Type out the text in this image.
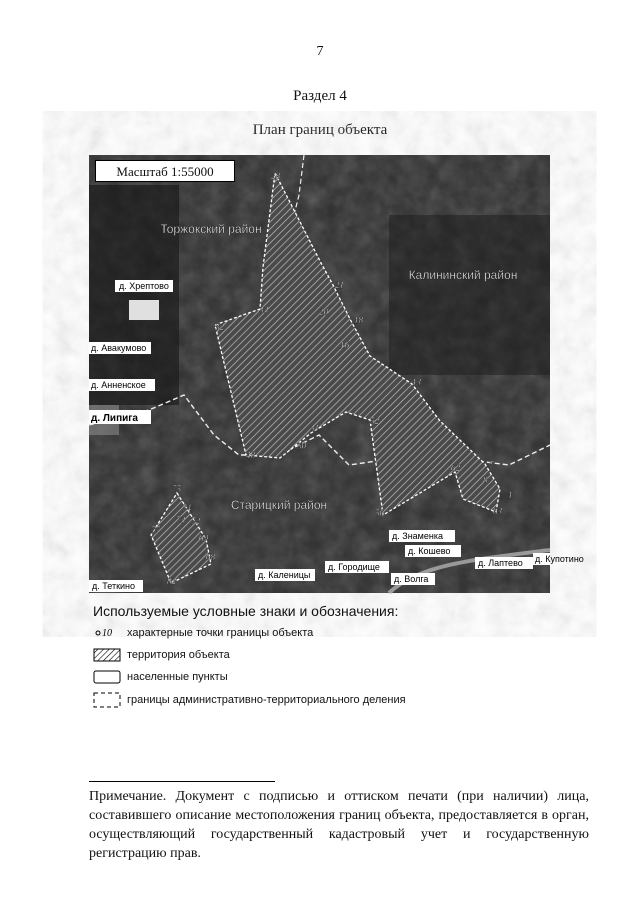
7
Раздел 4
План границ объекта
д. Хрептово
д. Авакумово
д. Анненское
д. Липига
д. Знаменка
д. Кошево
д. Лаптево д. Купотино
д. Каленицы
д. Городище
д. Волга
д. Теткино
Торжокский район
Калининский район
Старицкий район
28
21
20
18
33
32
16
13
31
52
50
48
62	7
8
1
56	63
75
74
73 72
69
77
68
82
Масштаб 1:55000
Используемые условные знаки и обозначения:
10 характерные точки границы объекта
территория объекта
населенные пункты
границы административно-территориального деления
Примечание. Документ с подписью и оттиском печати (при наличии) лица, составившего описание местоположения границ объекта, предоставляется в орган, осуществляющий государственный кадастровый учет и государственную регистрацию прав.
